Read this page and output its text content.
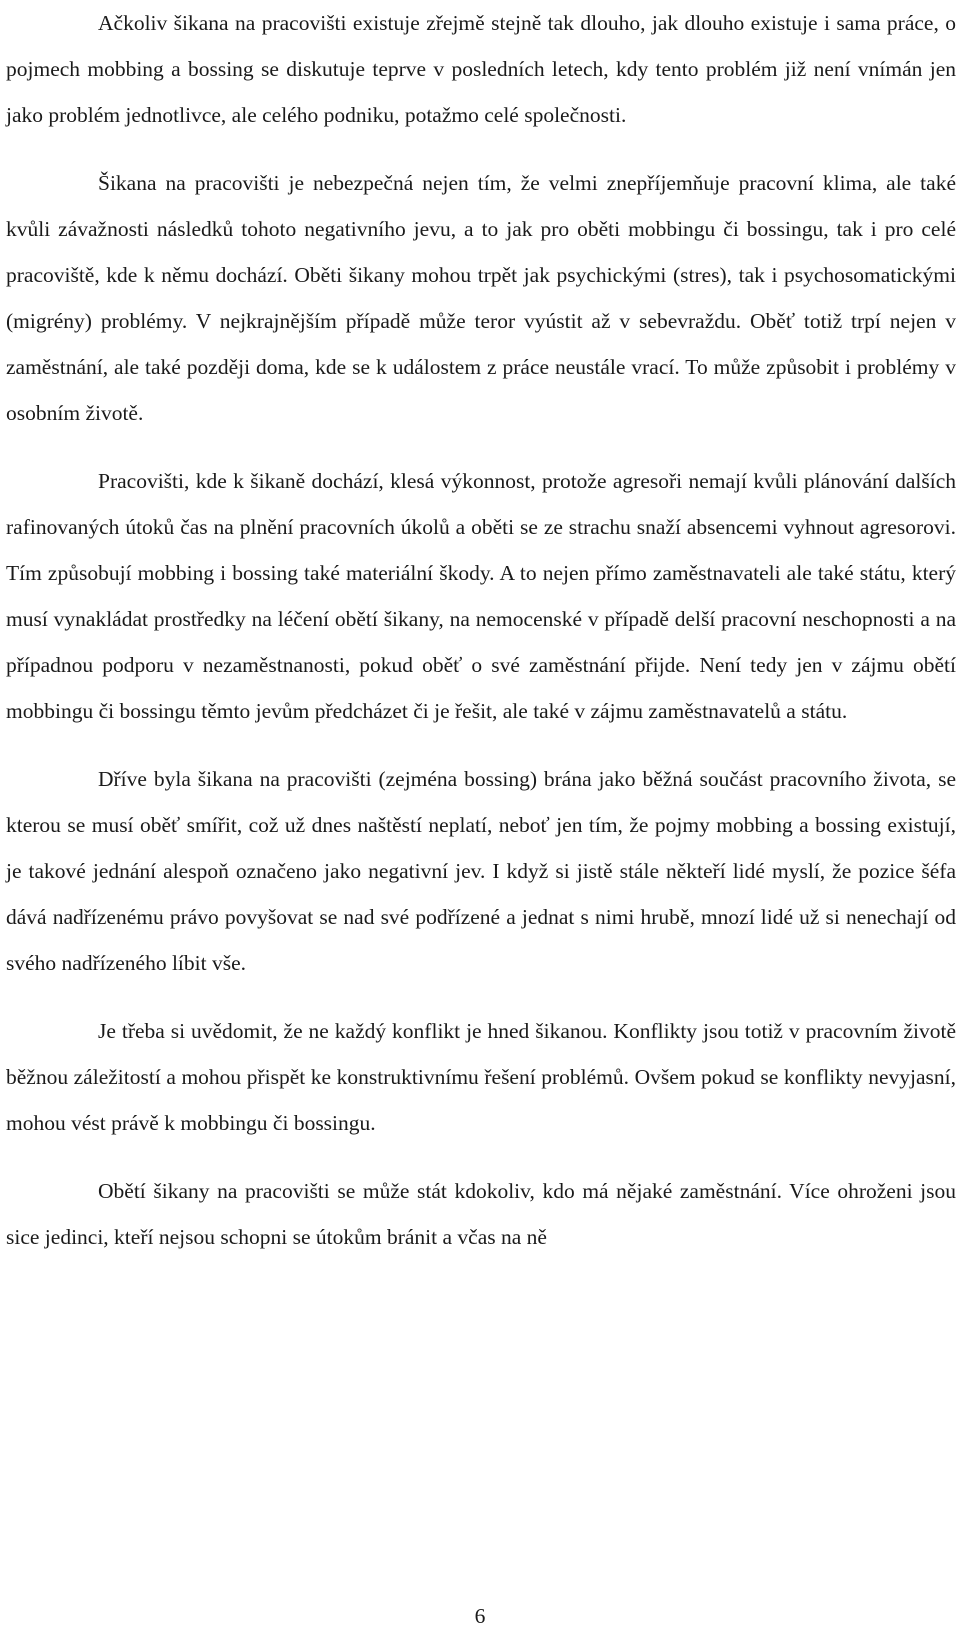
Ačkoliv šikana na pracovišti existuje zřejmě stejně tak dlouho, jak dlouho existuje i samа práce, o pojmech mobbing a bossing se diskutuje teprve v posledních letech, kdy tento problém již není vnímán jen jako problém jednotlivce, ale celého podniku, potažmo celé společnosti.

Šikana na pracovišti je nebezpečná nejen tím, že velmi znepříjemňuje pracovní klima, ale také kvůli závažnosti následků tohoto negativního jevu, a to jak pro oběti mobbingu či bossingu, tak i pro celé pracoviště, kde k němu dochází. Oběti šikany mohou trpět jak psychickými (stres), tak i psychosomatickými (migrény) problémy. V nejkrajnějším případě může teror vyústit až v sebevraždu. Oběť totiž trpí nejen v zaměstnání, ale také později doma, kde se k událostem z práce neustále vrací. To může způsobit i problémy v osobním životě.

Pracovišti, kde k šikaně dochází, klesá výkonnost, protože agresoři nemají kvůli plánování dalších rafinovaných útoků čas na plnění pracovních úkolů a oběti se ze strachu snaží absencemi vyhnout agresorovi. Tím způsobují mobbing i bossing také materiální škody. A to nejen přímo zaměstnavateli ale také státu, který musí vynakládat prostředky na léčení obětí šikany, na nemocenské v případě delší pracovní neschopnosti a na případnou podporu v nezaměstnanosti, pokud oběť o své zaměstnání přijde. Není tedy jen v zájmu obětí mobbingu či bossingu těmto jevům předcházet či je řešit, ale také v zájmu zaměstnavatelů a státu.

Dříve byla šikana na pracovišti (zejména bossing) brána jako běžná součást pracovního života, se kterou se musí oběť smířit, což už dnes naštěstí neplatí, neboť jen tím, že pojmy mobbing a bossing existují, je takové jednání alespoň označeno jako negativní jev. I když si jistě stále někteří lidé myslí, že pozice šéfa dává nadřízenému právo povyšovat se nad své podřízené a jednat s nimi hrubě, mnozí lidé už si nenechají od svého nadřízeného líbit vše.

Je třeba si uvědomit, že ne každý konflikt je hned šikanou. Konflikty jsou totiž v pracovním životě běžnou záležitostí a mohou přispět ke konstruktivnímu řešení problémů. Ovšem pokud se konflikty nevyjasní, mohou vést právě k mobbingu či bossingu.

Obětí šikany na pracovišti se může stát kdokoliv, kdo má nějaké zaměstnání. Více ohroženi jsou sice jedinci, kteří nejsou schopni se útokům bránit a včas na ně

6
